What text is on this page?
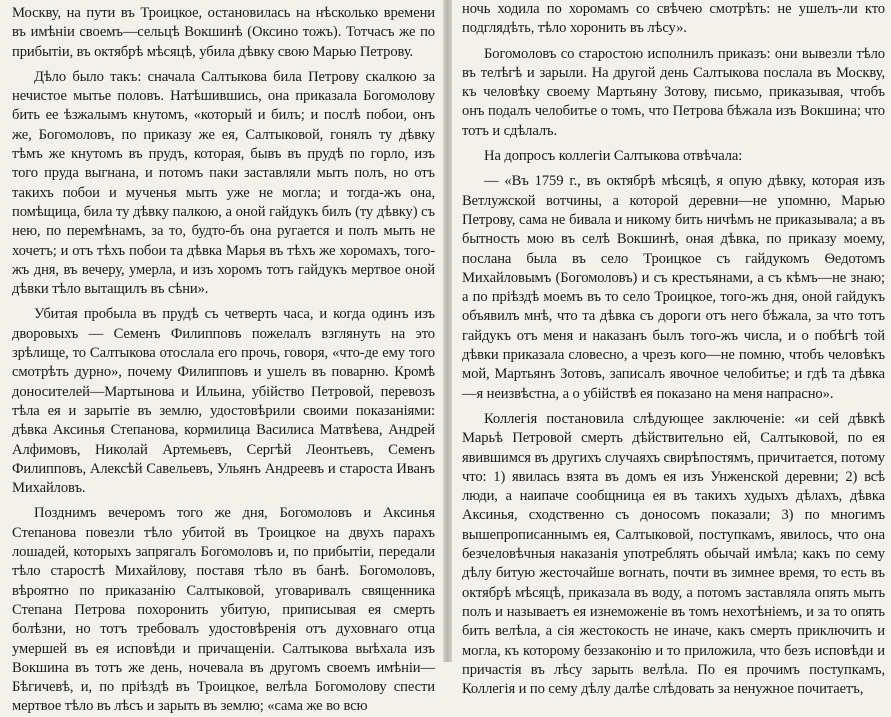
Москву, на пути въ Троицкое, остановилась на нѣсколько времени въ имѣніи своемъ—сельцѣ Вокшинѣ (Оксино тожъ). Тотчасъ же по прибытіи, въ октябрѣ мѣсяцѣ, убила дѣвку свою Марью Петрову.

Дѣло было такъ: сначала Салтыкова била Петрову скалкою за нечистое мытье половъ. Натѣшившись, она приказала Богомолову бить ее ѣзжалымъ кнутомъ, «который и билъ; и послѣ побои, онъ же, Богомоловъ, по приказу же ея, Салтыковой, гонялъ ту дѣвку тѣмъ же кнутомъ въ прудъ, которая, бывъ въ прудѣ по горло, изъ того пруда выгнана, и потомъ паки заставляли мыть полъ, но отъ такихъ побои и мученья мыть уже не могла; и тогда-жъ она, помѣщица, била ту дѣвку палкою, а оной гайдукъ билъ (ту дѣвку) съ нею, по перемѣнамъ, за то, будто-бъ она ругается и полъ мыть не хочетъ; и отъ тѣхъ побои та дѣвка Марья въ тѣхъ же хоромахъ, того-жъ дня, въ вечеру, умерла, и изъ хоромъ тотъ гайдукъ мертвое оной дѣвки тѣло вытащилъ въ сѣни».

Убитая пробыла въ прудѣ съ четверть часа, и когда одинъ изъ дворовыхъ — Семенъ Филипповъ пожелалъ взглянуть на это зрѣлище, то Салтыкова отослала его прочь, говоря, «что-де ему того смотрѣть дурно», почему Филипповъ и ушелъ въ поварню. Кромѣ доносителей—Мартынова и Ильина, убійство Петровой, перевозъ тѣла ея и зарытіе въ землю, удостовѣрили своими показаніями: дѣвка Аксинья Степанова, кормилица Василиса Матвѣева, Андрей Алфимовъ, Николай Артемьевъ, Сергѣй Леонтьевъ, Семенъ Филипповъ, Алексѣй Савельевъ, Ульянъ Андреевъ и староста Иванъ Михайловъ.

Позднимъ вечеромъ того же дня, Богомоловъ и Аксинья Степанова повезли тѣло убитой въ Троицкое на двухъ парахъ лошадей, которыхъ запрягалъ Богомоловъ и, по прибытіи, передали тѣло старостѣ Михайлову, поставя тѣло въ банѣ. Богомоловъ, вѣроятно по приказанію Салтыковой, уговаривалъ священника Степана Петрова похоронить убитую, приписывая ея смерть болѣзни, но тотъ требовалъ удостовѣренія отъ духовнаго отца умершей въ ея исповѣди и причащеніи. Салтыкова выѣхала изъ Вокшина въ тотъ же день, ночевала въ другомъ своемъ имѣніи—Бѣгичевѣ, и, по пріѣздѣ въ Троицкое, велѣла Богомолову спести мертвое тѣло въ лѣсъ и зарыть въ землю; «сама же во всю

ночь ходила по хоромамъ со свѣчею смотрѣть: не ушелъ-ли кто подглядѣть, тѣло хоронить въ лѣсу».

Богомоловъ со старостою исполнилъ приказъ: они вывезли тѣло въ телѣгѣ и зарыли. На другой день Салтыкова послала въ Москву, къ человѣку своему Мартьяну Зотову, письмо, приказывая, чтобъ онъ подалъ челобитье о томъ, что Петрова бѣжала изъ Вокшина; что тотъ и сдѣлалъ.

На допросъ коллегіи Салтыкова отвѣчала:

— «Въ 1759 г., въ октябрѣ мѣсяцѣ, я опую дѣвку, которая изъ Ветлужской вотчины, а которой деревни—не упомню, Марью Петрову, сама не бивала и никому бить ничѣмъ не приказывала; а въ бытность мою въ селѣ Вокшинѣ, оная дѣвка, по приказу моему, послана была въ село Троицкое съ гайдукомъ Ѳедотомъ Михайловымъ (Богомоловъ) и съ крестьянами, а съ кѣмъ—не знаю; а по пріѣздѣ моемъ въ то село Троицкое, того-жъ дня, оной гайдукъ объявилъ мнѣ, что та дѣвка съ дороги отъ него бѣжала, за что тотъ гайдукъ отъ меня и наказанъ былъ того-жъ числа, и о побѣгѣ той дѣвки приказала словесно, а чрезъ кого—не помню, чтобъ человѣкъ мой, Мартьянъ Зотовъ, записалъ явочное челобитье; и гдѣ та дѣвка—я неизвѣстна, а о убійствѣ ея показано на меня напрасно».

Коллегія постановила слѣдующее заключеніе: «и сей дѣвкѣ Марьѣ Петровой смерть дѣйствительно ей, Салтыковой, по ея явившимся въ другихъ случаяхъ свирѣпостямъ, причитается, потому что: 1) явилась взята въ домъ ея изъ Унженской деревни; 2) всѣ люди, а наипаче сообщница ея въ такихъ худыхъ дѣлахъ, дѣвка Аксинья, сходственно съ доносомъ показали; 3) по многимъ вышепрописаннымъ ея, Салтыковой, поступкамъ, явилось, что она безчеловѣчныя наказанія употреблять обычай имѣла; какъ по сему дѣлу битую жесточайше вогнать, почти въ зимнее время, то есть въ октябрѣ мѣсяцѣ, приказала въ воду, а потомъ заставляла опять мыть полъ и называетъ ея изнеможеніе въ томъ нехотѣніемъ, и за то опять бить велѣла, а сія жестокость не иначе, какъ смерть приключить и могла, къ которому беззаконію и то приложила, что безъ исповѣди и причастія въ лѣсу зарыть велѣла. По ея прочимъ поступкамъ, Коллегія и по сему дѣлу далѣе слѣдовать за ненужное почитаетъ,
